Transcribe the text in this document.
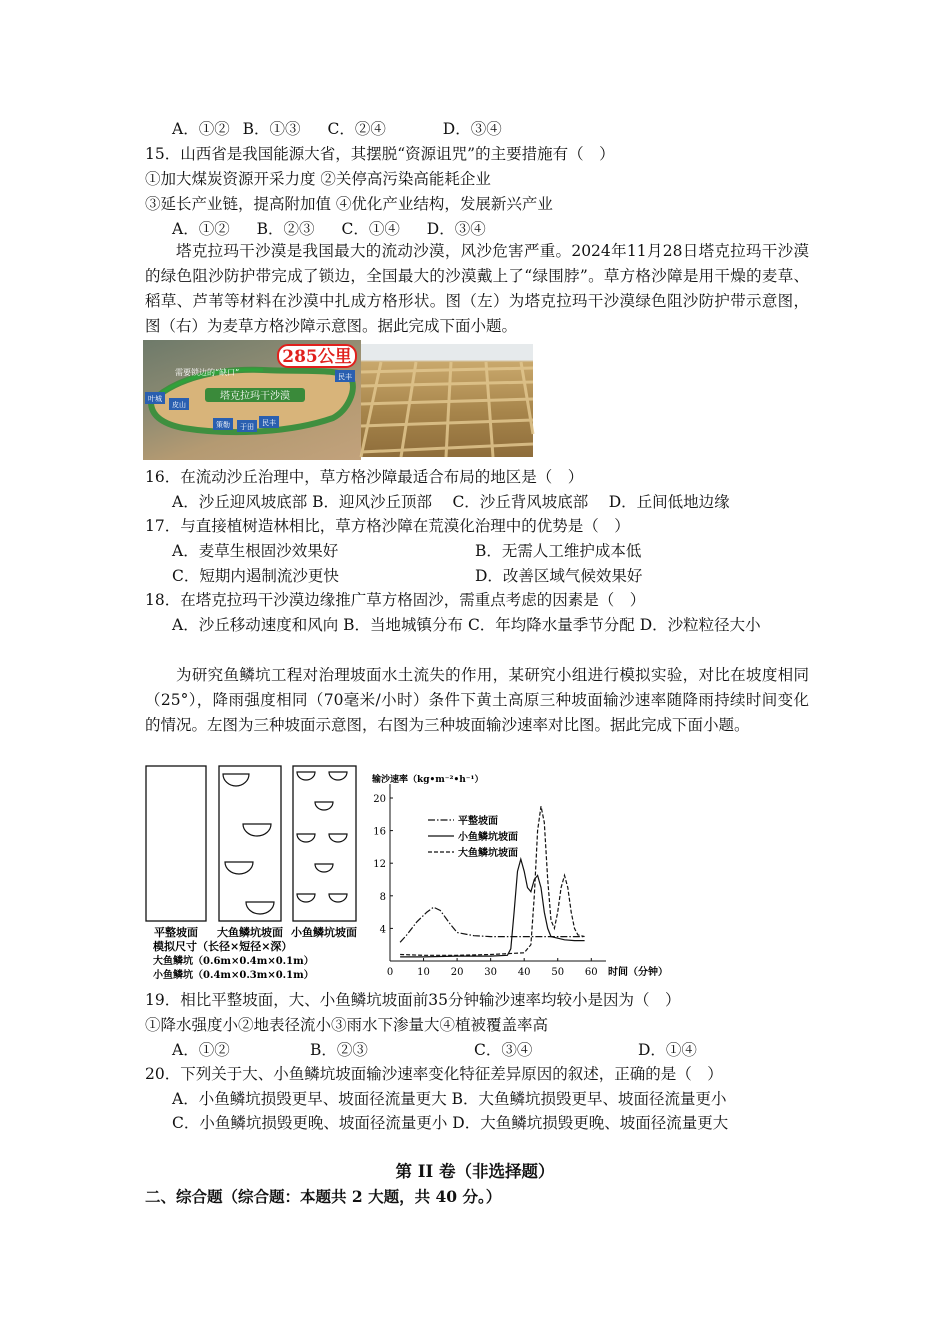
A．①② B．①③ C．②④	D．③④
15．山西省是我国能源大省，其摆脱“资源诅咒”的主要措施有（　）
①加大煤炭资源开采力度 ②关停高污染高能耗企业
③延长产业链，提高附加值 ④优化产业结构，发展新兴产业
A．①② B．②③ C．①④ D．③④
塔克拉玛干沙漠是我国最大的流动沙漠，风沙危害严重。2024年11月28日塔克拉玛干沙漠的绿色阻沙防护带完成了锁边，全国最大的沙漠戴上了“绿围脖”。草方格沙障是用干燥的麦草、稻草、芦苇等材料在沙漠中扎成方格形状。图（左）为塔克拉玛干沙漠绿色阻沙防护带示意图，图（右）为麦草方格沙障示意图。据此完成下面小题。
285公里
需要锁边的“缺口”
塔克拉玛干沙漠
叶城
皮山
策勒 于田 民丰
民丰
16．在流动沙丘治理中，草方格沙障最适合布局的地区是（　）
A．沙丘迎风坡底部 B．迎风沙丘顶部　 C．沙丘背风坡底部　 D．丘间低地边缘
17．与直接植树造林相比，草方格沙障在荒漠化治理中的优势是（　）
A．麦草生根固沙效果好	B．无需人工维护成本低
C．短期内遏制流沙更快	D．改善区域气候效果好
18．在塔克拉玛干沙漠边缘推广草方格固沙，需重点考虑的因素是（　）
A．沙丘移动速度和风向 B．当地城镇分布 C．年均降水量季节分配 D．沙粒粒径大小
为研究鱼鳞坑工程对治理坡面水土流失的作用，某研究小组进行模拟实验，对比在坡度相同（25°），降雨强度相同（70毫米/小时）条件下黄土高原三种坡面输沙速率随降雨持续时间变化的情况。左图为三种坡面示意图，右图为三种坡面输沙速率对比图。据此完成下面小题。
平整坡面 大鱼鳞坑坡面 小鱼鳞坑坡面
模拟尺寸（长径×短径×深）
大鱼鳞坑（0.6m×0.4m×0.1m）
小鱼鳞坑（0.4m×0.3m×0.1m）
输沙速率（kg•m⁻²•h⁻¹）
时间（分钟）
0 10 20 30 40 50 60
4
8
12
16
20
平整坡面
小鱼鳞坑坡面
大鱼鳞坑坡面
19．相比平整坡面，大、小鱼鳞坑坡面前35分钟输沙速率均较小是因为（　）
①降水强度小②地表径流小③雨水下渗量大④植被覆盖率高
A．①②	B．②③	C．③④	D．①④
20．下列关于大、小鱼鳞坑坡面输沙速率变化特征差异原因的叙述，正确的是（　）
A．小鱼鳞坑损毁更早、坡面径流量更大 B．大鱼鳞坑损毁更早、坡面径流量更小
C．小鱼鳞坑损毁更晚、坡面径流量更小 D．大鱼鳞坑损毁更晚、坡面径流量更大
第 II 卷（非选择题）
二、综合题（综合题：本题共 2 大题，共 40 分。）
